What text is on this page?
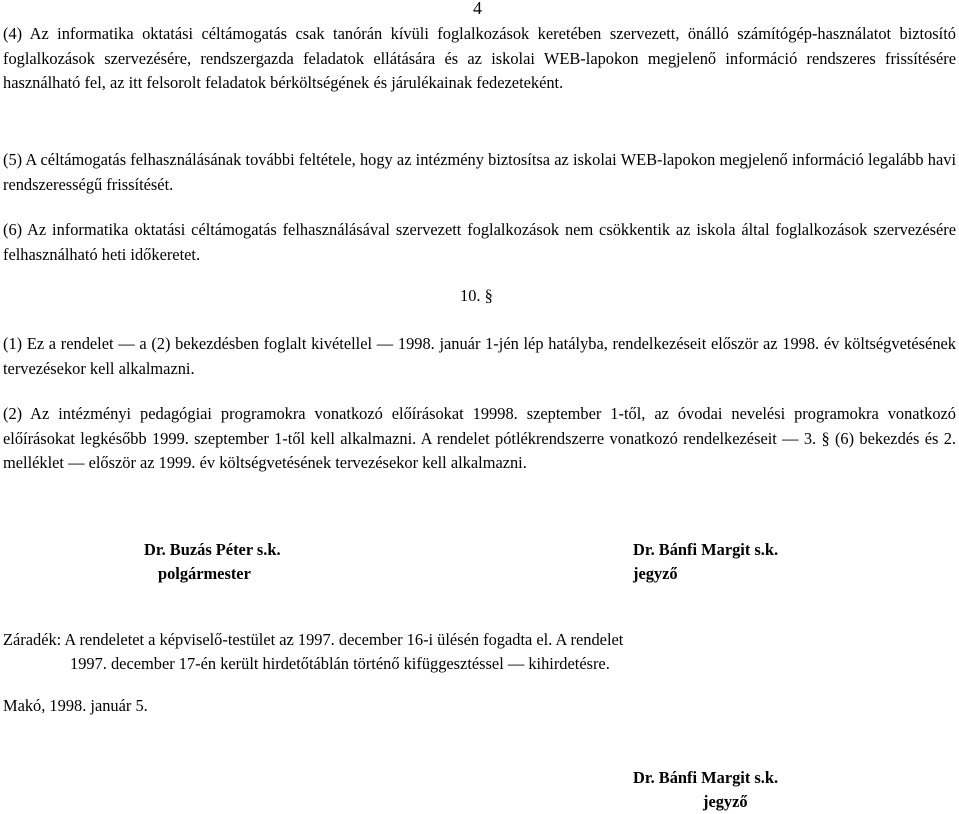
4

(4) Az informatika oktatási céltámogatás csak tanórán kívüli foglalkozások keretében szervezett, önálló számítógép-használatot biztosító foglalkozások szervezésére, rendszergazda feladatok ellátására és az iskolai WEB-lapokon megjelenő információ rendszeres frissítésére használható fel, az itt felsorolt feladatok bérköltségének és járulékainak fedezeteként.

(5) A céltámogatás felhasználásának további feltétele, hogy az intézmény biztosítsa az iskolai WEB-lapokon megjelenő információ legalább havi rendszerességű frissítését.

(6) Az informatika oktatási céltámogatás felhasználásával szervezett foglalkozások nem csökkentik az iskola által foglalkozások szervezésére felhasználható heti időkeretet.

10. §

(1) Ez a rendelet ― a (2) bekezdésben foglalt kivétellel ― 1998. január 1-jén lép hatályba, rendelkezéseit először az 1998. év költségvetésének tervezésekor kell alkalmazni.

(2) Az intézményi pedagógiai programokra vonatkozó előírásokat 19998. szeptember 1-től, az óvodai nevelési programokra vonatkozó előírásokat legkésőbb 1999. szeptember 1-től kell alkalmazni. A rendelet pótlékrendszerre vonatkozó rendelkezéseit ― 3. § (6) bekezdés és 2. melléklet ― először az 1999. év költségvetésének tervezésekor kell alkalmazni.

Dr. Buzás Péter s.k.
polgármester
Dr. Bánfi Margit s.k.
jegyző
Záradék: A rendeletet a képviselő-testület az 1997. december 16-i ülésén fogadta el. A rendelet
1997. december 17-én került hirdetőtáblán történő kifüggesztéssel ― kihirdetésre.
Makó, 1998. január 5.
Dr. Bánfi Margit s.k.
jegyző
